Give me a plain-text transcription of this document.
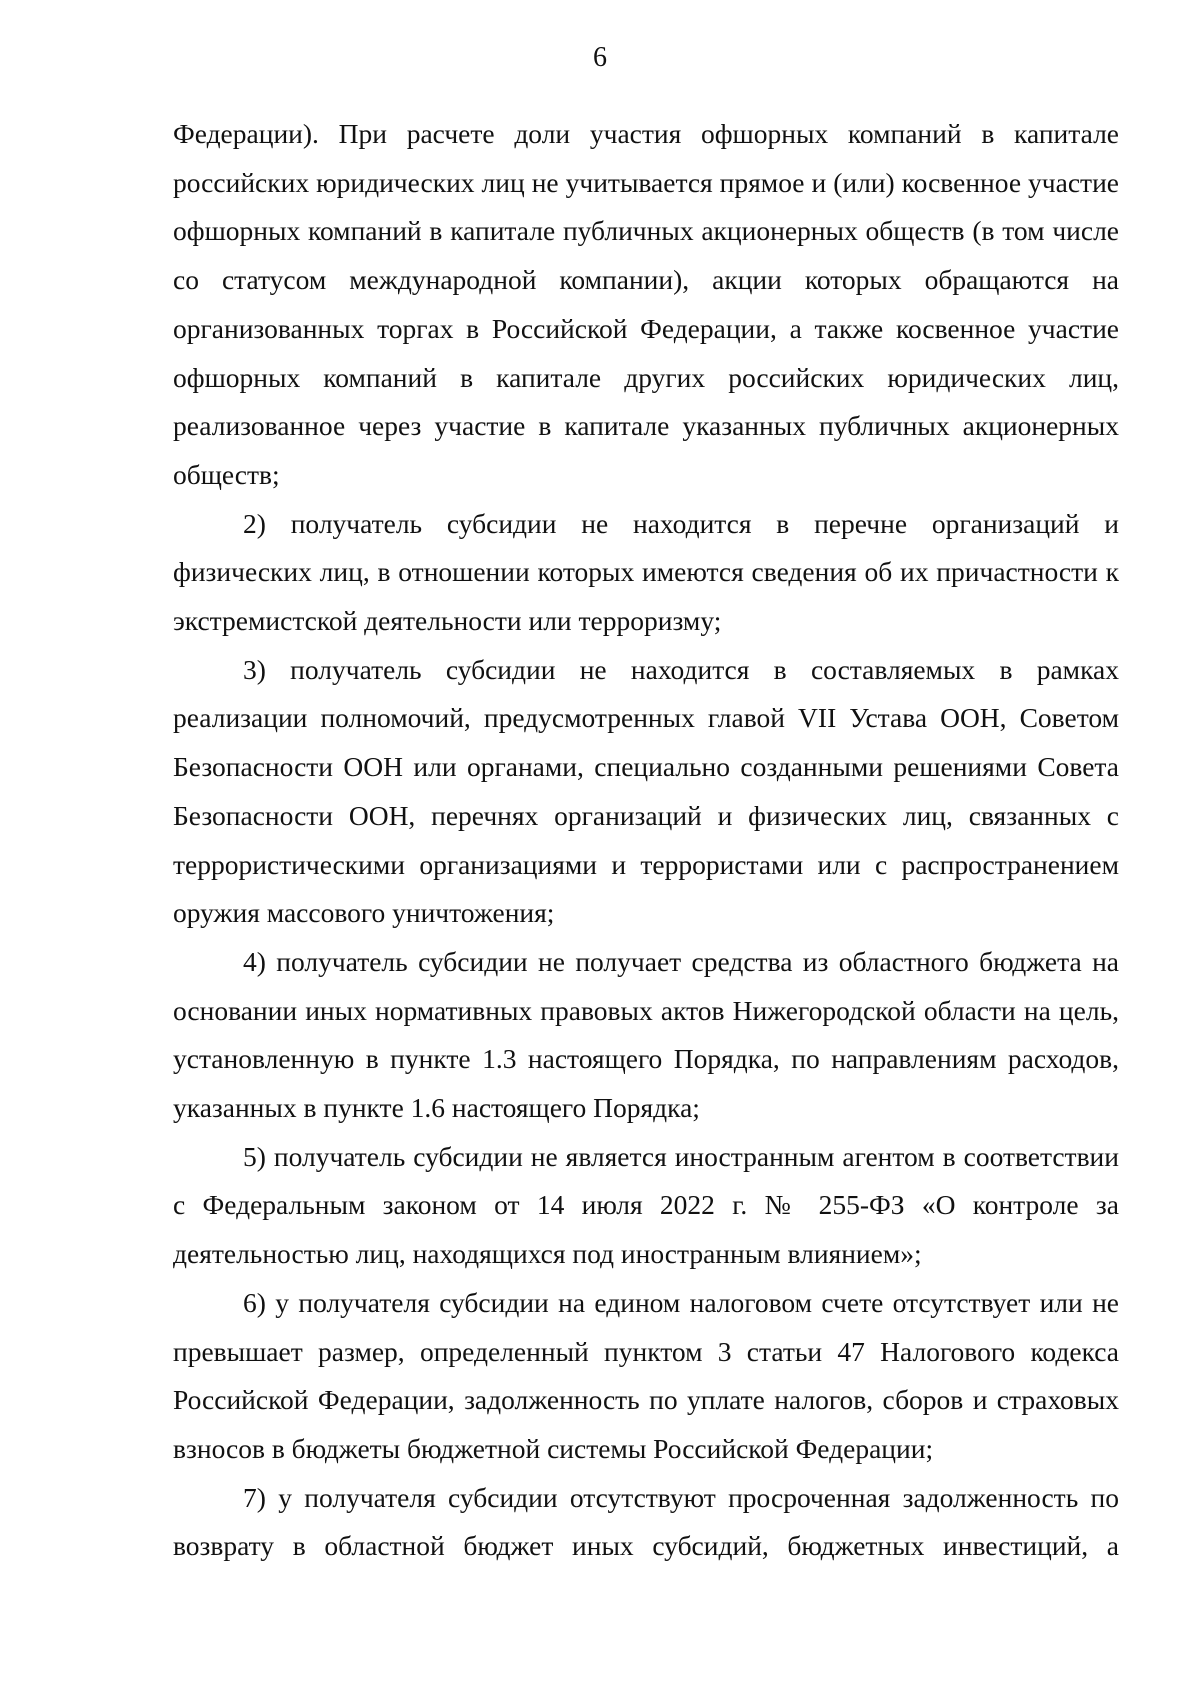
6

Федерации). При расчете доли участия офшорных компаний в капитале российских юридических лиц не учитывается прямое и (или) косвенное участие офшорных компаний в капитале публичных акционерных обществ (в том числе со статусом международной компании), акции которых обращаются на организованных торгах в Российской Федерации, а также косвенное участие офшорных компаний в капитале других российских юридических лиц, реализованное через участие в капитале указанных публичных акционерных обществ;

2) получатель субсидии не находится в перечне организаций и физических лиц, в отношении которых имеются сведения об их причастности к экстремистской деятельности или терроризму;

3) получатель субсидии не находится в составляемых в рамках реализации полномочий, предусмотренных главой VII Устава ООН, Советом Безопасности ООН или органами, специально созданными решениями Совета Безопасности ООН, перечнях организаций и физических лиц, связанных с террористическими организациями и террористами или с распространением оружия массового уничтожения;

4) получатель субсидии не получает средства из областного бюджета на основании иных нормативных правовых актов Нижегородской области на цель, установленную в пункте 1.3 настоящего Порядка, по направлениям расходов, указанных в пункте 1.6 настоящего Порядка;

5) получатель субсидии не является иностранным агентом в соответствии с Федеральным законом от 14 июля 2022 г. № 255-ФЗ «О контроле за деятельностью лиц, находящихся под иностранным влиянием»;

6) у получателя субсидии на едином налоговом счете отсутствует или не превышает размер, определенный пунктом 3 статьи 47 Налогового кодекса Российской Федерации, задолженность по уплате налогов, сборов и страховых взносов в бюджеты бюджетной системы Российской Федерации;

7) у получателя субсидии отсутствуют просроченная задолженность по возврату в областной бюджет иных субсидий, бюджетных инвестиций, а
